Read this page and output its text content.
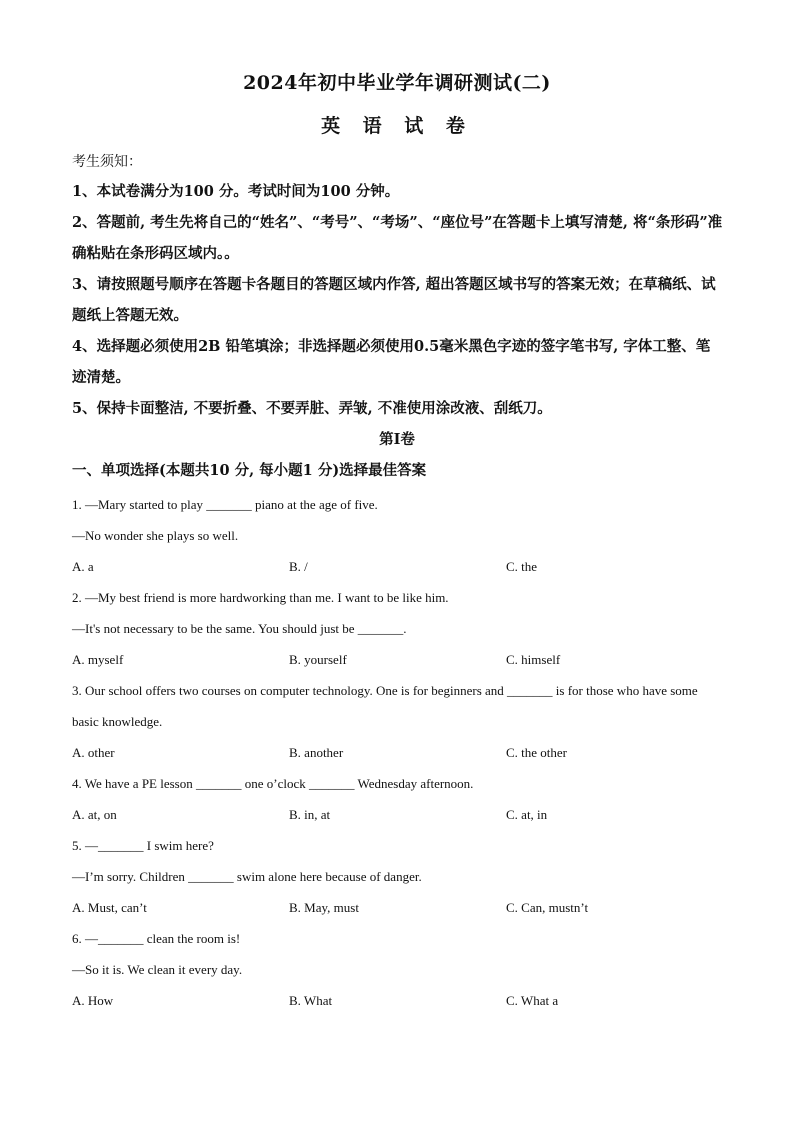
2024年初中毕业学年调研测试(二)
英 语 试 卷
考生须知：
1、本试卷满分为100 分。考试时间为100 分钟。
2、答题前, 考生先将自己的“姓名”、“考号”、“考场”、“座位号”在答题卡上填写清楚, 将“条形码”准确粘贴在条形码区域内。。
3、请按照题号顺序在答题卡各题目的答题区域内作答, 超出答题区域书写的答案无效；在草稿纸、试题纸上答题无效。
4、选择题必须使用2B 铅笔填涂；非选择题必须使用0.5毫米黑色字迹的签字笔书写, 字体工整、笔迹清楚。
5、保持卡面整洁, 不要折叠、不要弄脏、弄皱, 不准使用涂改液、刮纸刀。
第I卷
一、单项选择(本题共10 分, 每小题1 分)选择最佳答案
1. —Mary started to play _______ piano at the age of five.
—No wonder she plays so well.
A. a	B. /	C. the
2. —My best friend is more hardworking than me. I want to be like him.
—It's not necessary to be the same. You should just be _______.
A. myself	B. yourself	C. himself
3. Our school offers two courses on computer technology. One is for beginners and _______ is for those who have some basic knowledge.
A. other	B. another	C. the other
4. We have a PE lesson _______ one o’clock _______ Wednesday afternoon.
A. at, on	B. in, at	C. at, in
5. —_______ I swim here?
—I’m sorry. Children _______ swim alone here because of danger.
A. Must, can’t	B. May, must	C. Can, mustn’t
6. —_______ clean the room is!
—So it is. We clean it every day.
A. How	B. What	C. What a
